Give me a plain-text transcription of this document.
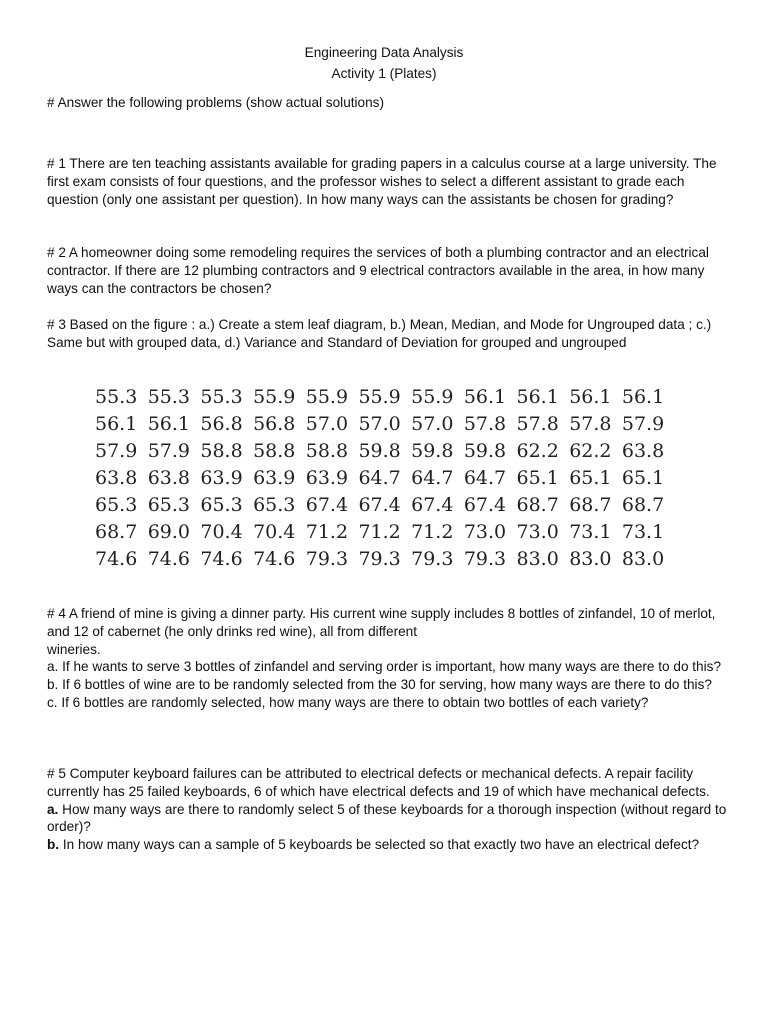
Engineering Data Analysis
Activity 1 (Plates)
# Answer the following problems (show actual solutions)
# 1 There are ten teaching assistants available for grading papers in a calculus course at a large university. The first exam consists of four questions, and the professor wishes to select a different assistant to grade each question (only one assistant per question). In how many ways can the assistants be chosen for grading?
# 2 A homeowner doing some remodeling requires the services of both a plumbing contractor and an electrical contractor. If there are 12 plumbing contractors and 9 electrical contractors available in the area, in how many ways can the contractors be chosen?
# 3 Based on the figure : a.) Create a stem leaf diagram, b.) Mean, Median, and Mode for Ungrouped data ; c.) Same but with grouped data, d.) Variance and Standard of Deviation for grouped and ungrouped
55.3 55.3 55.3 55.9 55.9 55.9 55.9 56.1 56.1 56.1 56.1
56.1 56.1 56.8 56.8 57.0 57.0 57.0 57.8 57.8 57.8 57.9
57.9 57.9 58.8 58.8 58.8 59.8 59.8 59.8 62.2 62.2 63.8
63.8 63.8 63.9 63.9 63.9 64.7 64.7 64.7 65.1 65.1 65.1
65.3 65.3 65.3 65.3 67.4 67.4 67.4 67.4 68.7 68.7 68.7
68.7 69.0 70.4 70.4 71.2 71.2 71.2 73.0 73.0 73.1 73.1
74.6 74.6 74.6 74.6 79.3 79.3 79.3 79.3 83.0 83.0 83.0

# 4 A friend of mine is giving a dinner party. His current wine supply includes 8 bottles of zinfandel, 10 of merlot, and 12 of cabernet (he only drinks red wine), all from different

wineries.

a. If he wants to serve 3 bottles of zinfandel and serving order is important, how many ways are there to do this?

b. If 6 bottles of wine are to be randomly selected from the 30 for serving, how many ways are there to do this?

c. If 6 bottles are randomly selected, how many ways are there to obtain two bottles of each variety?

# 5 Computer keyboard failures can be attributed to electrical defects or mechanical defects. A repair facility currently has 25 failed keyboards, 6 of which have electrical defects and 19 of which have mechanical defects.

a. How many ways are there to randomly select 5 of these keyboards for a thorough inspection (without regard to order)?

b. In how many ways can a sample of 5 keyboards be selected so that exactly two have an electrical defect?
